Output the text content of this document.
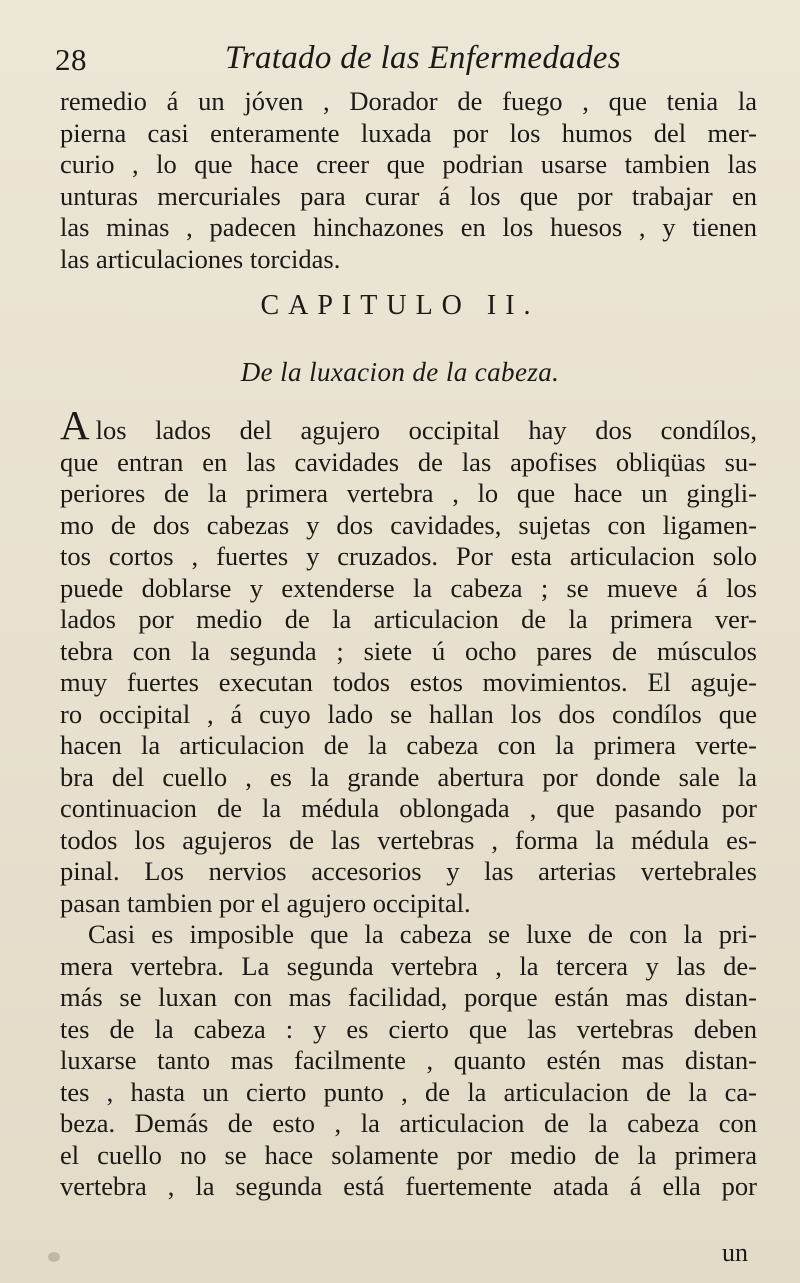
28	Tratado de las Enfermedades
remedio á un jóven , Dorador de fuego , que tenia la
pierna casi enteramente luxada por los humos del mer-
curio , lo que hace creer que podrian usarse tambien las
unturas mercuriales para curar á los que por trabajar en
las minas , padecen hinchazones en los huesos , y tienen
las articulaciones torcidas.
CAPITULO II.
De la luxacion de la cabeza.
Alos lados del agujero occipital hay dos condílos,
que entran en las cavidades de las apofises obliqüas su-
periores de la primera vertebra , lo que hace un gingli-
mo de dos cabezas y dos cavidades, sujetas con ligamen-
tos cortos , fuertes y cruzados. Por esta articulacion solo
puede doblarse y extenderse la cabeza ; se mueve á los
lados por medio de la articulacion de la primera ver-
tebra con la segunda ; siete ú ocho pares de músculos
muy fuertes executan todos estos movimientos. El aguje-
ro occipital , á cuyo lado se hallan los dos condílos que
hacen la articulacion de la cabeza con la primera verte-
bra del cuello , es la grande abertura por donde sale la
continuacion de la médula oblongada , que pasando por
todos los agujeros de las vertebras , forma la médula es-
pinal. Los nervios accesorios y las arterias vertebrales
pasan tambien por el agujero occipital.
Casi es imposible que la cabeza se luxe de con la pri-
mera vertebra. La segunda vertebra , la tercera y las de-
más se luxan con mas facilidad, porque están mas distan-
tes de la cabeza : y es cierto que las vertebras deben
luxarse tanto mas facilmente , quanto estén mas distan-
tes , hasta un cierto punto , de la articulacion de la ca-
beza. Demás de esto , la articulacion de la cabeza con
el cuello no se hace solamente por medio de la primera
vertebra , la segunda está fuertemente atada á ella por
un
